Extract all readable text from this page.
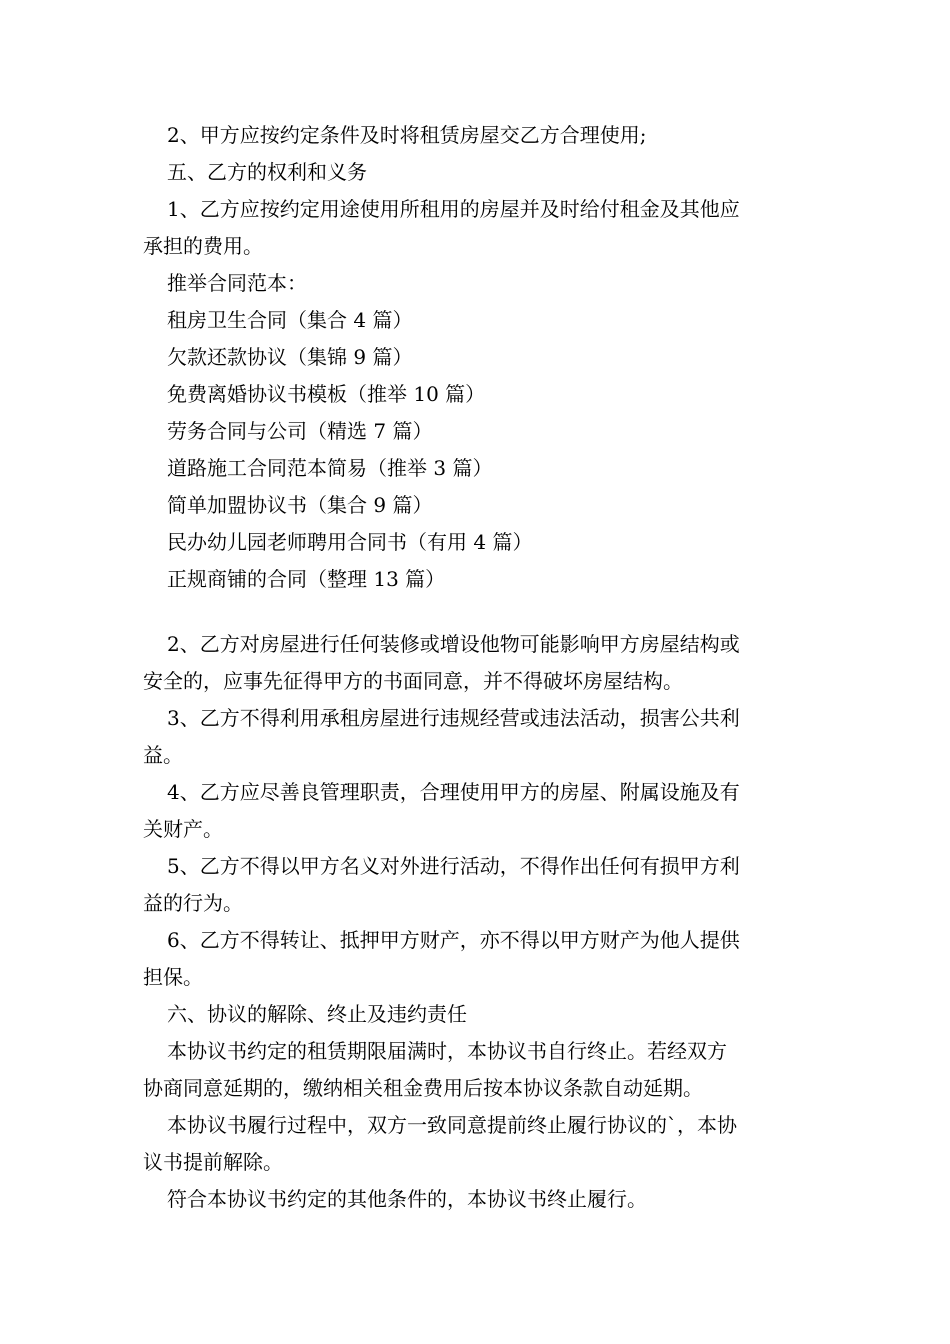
2、甲方应按约定条件及时将租赁房屋交乙方合理使用;

五、乙方的权利和义务

1、乙方应按约定用途使用所租用的房屋并及时给付租金及其他应

承担的费用。

推举合同范本：

租房卫生合同（集合 4 篇）

欠款还款协议（集锦 9 篇）

免费离婚协议书模板（推举 10 篇）

劳务合同与公司（精选 7 篇）

道路施工合同范本简易（推举 3 篇）

简单加盟协议书（集合 9 篇）

民办幼儿园老师聘用合同书（有用 4 篇）

正规商铺的合同（整理 13 篇）

2、乙方对房屋进行任何装修或增设他物可能影响甲方房屋结构或

安全的，应事先征得甲方的书面同意，并不得破坏房屋结构。

3、乙方不得利用承租房屋进行违规经营或违法活动，损害公共利

益。

4、乙方应尽善良管理职责，合理使用甲方的房屋、附属设施及有

关财产。

5、乙方不得以甲方名义对外进行活动，不得作出任何有损甲方利

益的行为。

6、乙方不得转让、抵押甲方财产，亦不得以甲方财产为他人提供

担保。

六、协议的解除、终止及违约责任

本协议书约定的租赁期限届满时，本协议书自行终止。若经双方

协商同意延期的，缴纳相关租金费用后按本协议条款自动延期。

本协议书履行过程中，双方一致同意提前终止履行协议的`，本协

议书提前解除。

符合本协议书约定的其他条件的，本协议书终止履行。
